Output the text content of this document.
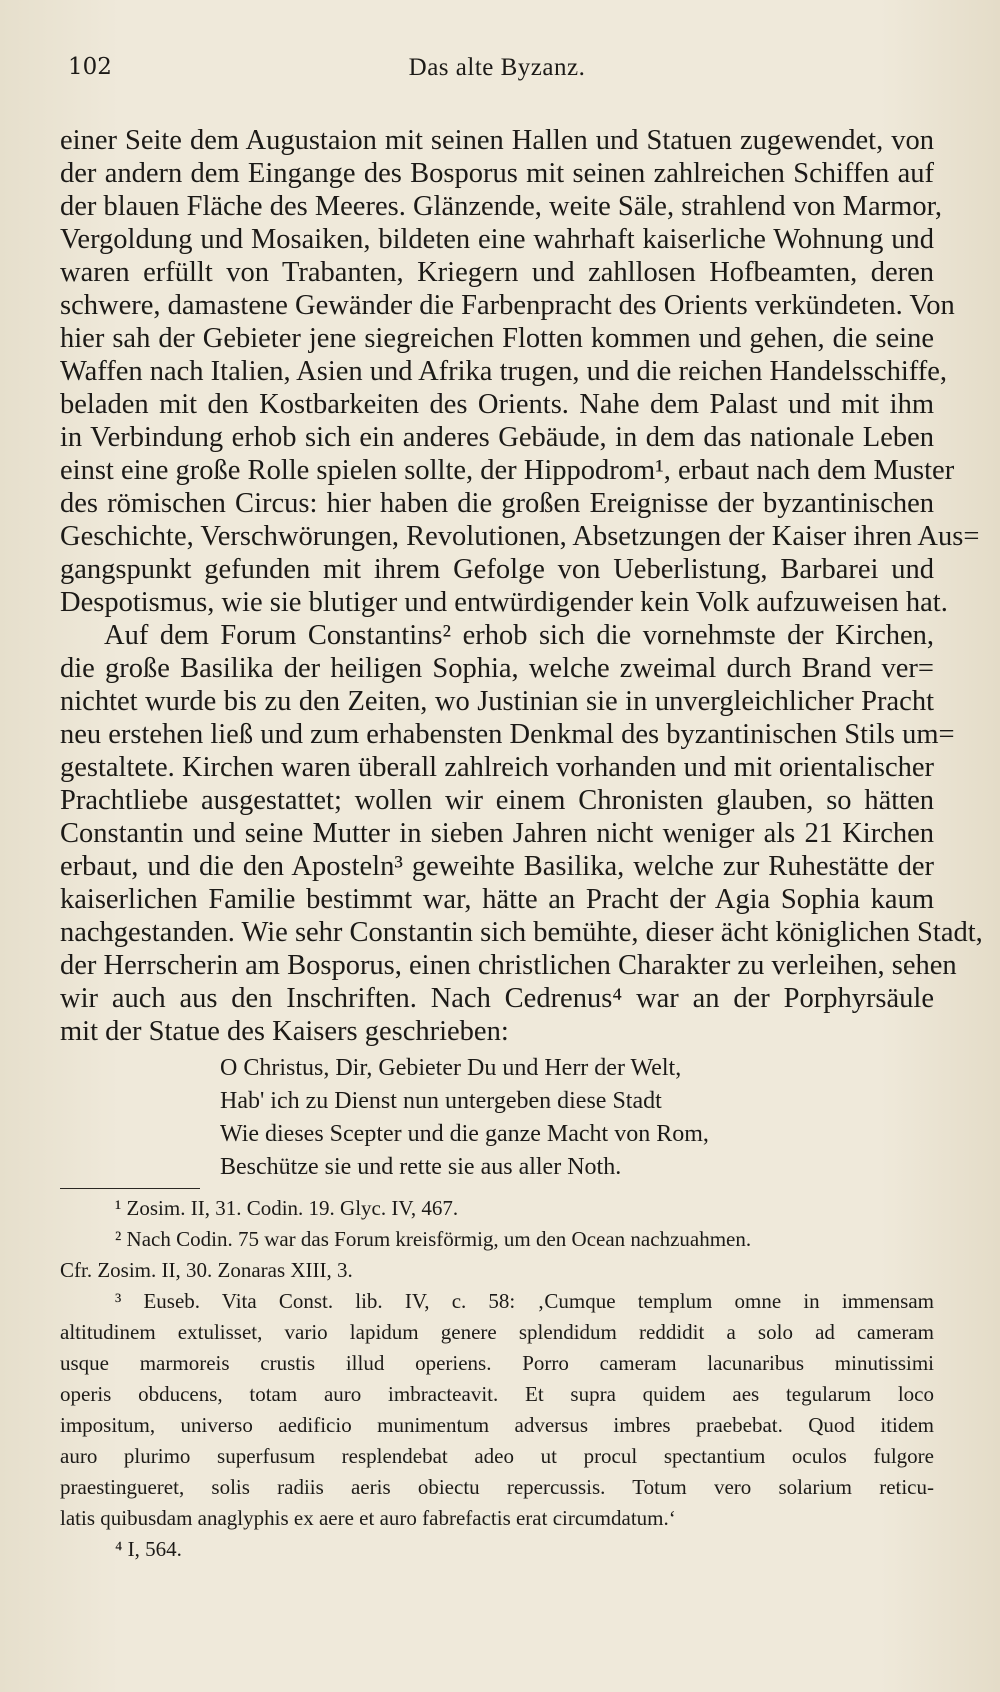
102	Das alte Byzanz.
einer Seite dem Augustaion mit seinen Hallen und Statuen zugewendet, von
der andern dem Eingange des Bosporus mit seinen zahlreichen Schiffen auf
der blauen Fläche des Meeres. Glänzende, weite Säle, strahlend von Marmor,
Vergoldung und Mosaiken, bildeten eine wahrhaft kaiserliche Wohnung und
waren erfüllt von Trabanten, Kriegern und zahllosen Hofbeamten, deren
schwere, damastene Gewänder die Farbenpracht des Orients verkündeten. Von
hier sah der Gebieter jene siegreichen Flotten kommen und gehen, die seine
Waffen nach Italien, Asien und Afrika trugen, und die reichen Handelsschiffe,
beladen mit den Kostbarkeiten des Orients. Nahe dem Palast und mit ihm
in Verbindung erhob sich ein anderes Gebäude, in dem das nationale Leben
einst eine große Rolle spielen sollte, der Hippodrom¹, erbaut nach dem Muster
des römischen Circus: hier haben die großen Ereignisse der byzantinischen
Geschichte, Verschwörungen, Revolutionen, Absetzungen der Kaiser ihren Aus=
gangspunkt gefunden mit ihrem Gefolge von Ueberlistung, Barbarei und
Despotismus, wie sie blutiger und entwürdigender kein Volk aufzuweisen hat.
Auf dem Forum Constantins² erhob sich die vornehmste der Kirchen,
die große Basilika der heiligen Sophia, welche zweimal durch Brand ver=
nichtet wurde bis zu den Zeiten, wo Justinian sie in unvergleichlicher Pracht
neu erstehen ließ und zum erhabensten Denkmal des byzantinischen Stils um=
gestaltete. Kirchen waren überall zahlreich vorhanden und mit orientalischer
Prachtliebe ausgestattet; wollen wir einem Chronisten glauben, so hätten
Constantin und seine Mutter in sieben Jahren nicht weniger als 21 Kirchen
erbaut, und die den Aposteln³ geweihte Basilika, welche zur Ruhestätte der
kaiserlichen Familie bestimmt war, hätte an Pracht der Agia Sophia kaum
nachgestanden. Wie sehr Constantin sich bemühte, dieser ächt königlichen Stadt,
der Herrscherin am Bosporus, einen christlichen Charakter zu verleihen, sehen
wir auch aus den Inschriften. Nach Cedrenus⁴ war an der Porphyrsäule
mit der Statue des Kaisers geschrieben:
O Christus, Dir, Gebieter Du und Herr der Welt,
Hab' ich zu Dienst nun untergeben diese Stadt
Wie dieses Scepter und die ganze Macht von Rom,
Beschütze sie und rette sie aus aller Noth.
¹ Zosim. II, 31. Codin. 19. Glyc. IV, 467.
² Nach Codin. 75 war das Forum kreisförmig, um den Ocean nachzuahmen.
Cfr. Zosim. II, 30. Zonaras XIII, 3.
³ Euseb. Vita Const. lib. IV, c. 58: ‚Cumque templum omne in immensam
altitudinem extulisset, vario lapidum genere splendidum reddidit a solo ad cameram
usque marmoreis crustis illud operiens. Porro cameram lacunaribus minutissimi
operis obducens, totam auro imbracteavit. Et supra quidem aes tegularum loco
impositum, universo aedificio munimentum adversus imbres praebebat. Quod itidem
auro plurimo superfusum resplendebat adeo ut procul spectantium oculos fulgore
praestingueret, solis radiis aeris obiectu repercussis. Totum vero solarium reticu-
latis quibusdam anaglyphis ex aere et auro fabrefactis erat circumdatum.‘
⁴ I, 564.
